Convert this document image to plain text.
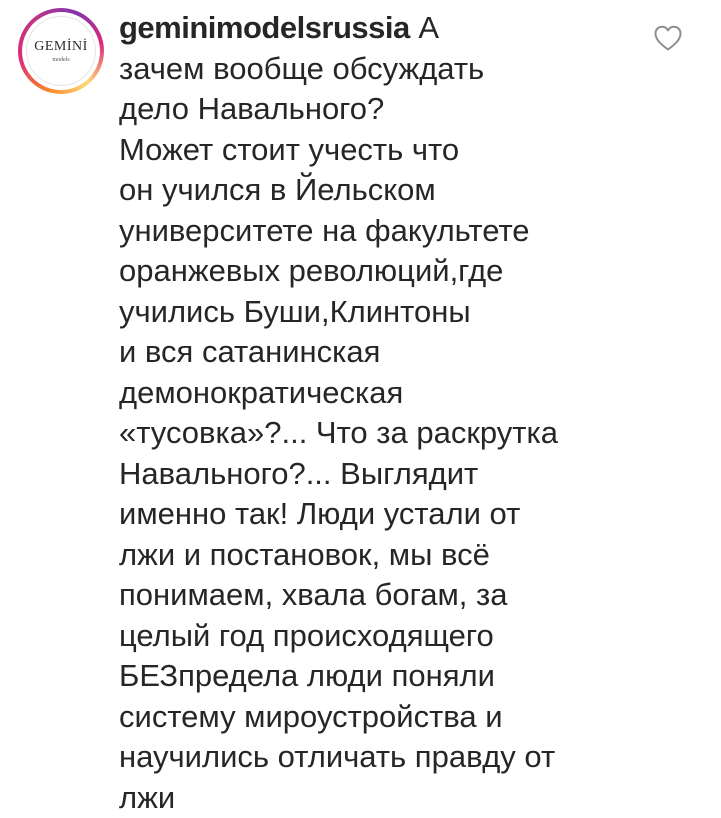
GEMİNİ
models

geminimodelsrussia А
зачем вообще обсуждать
дело Навального?
Может стоит учесть что
он учился в Йельском
университете на факультете
оранжевых революций,где
учились Буши,Клинтоны
и вся сатанинская
демонократическая
«тусовка»?... Что за раскрутка
Навального?... Выглядит
именно так! Люди устали от
лжи и постановок, мы всё
понимаем, хвала богам, за
целый год происходящего
БЕЗпредела люди поняли
систему мироустройства и
научились отличать правду от
лжи
